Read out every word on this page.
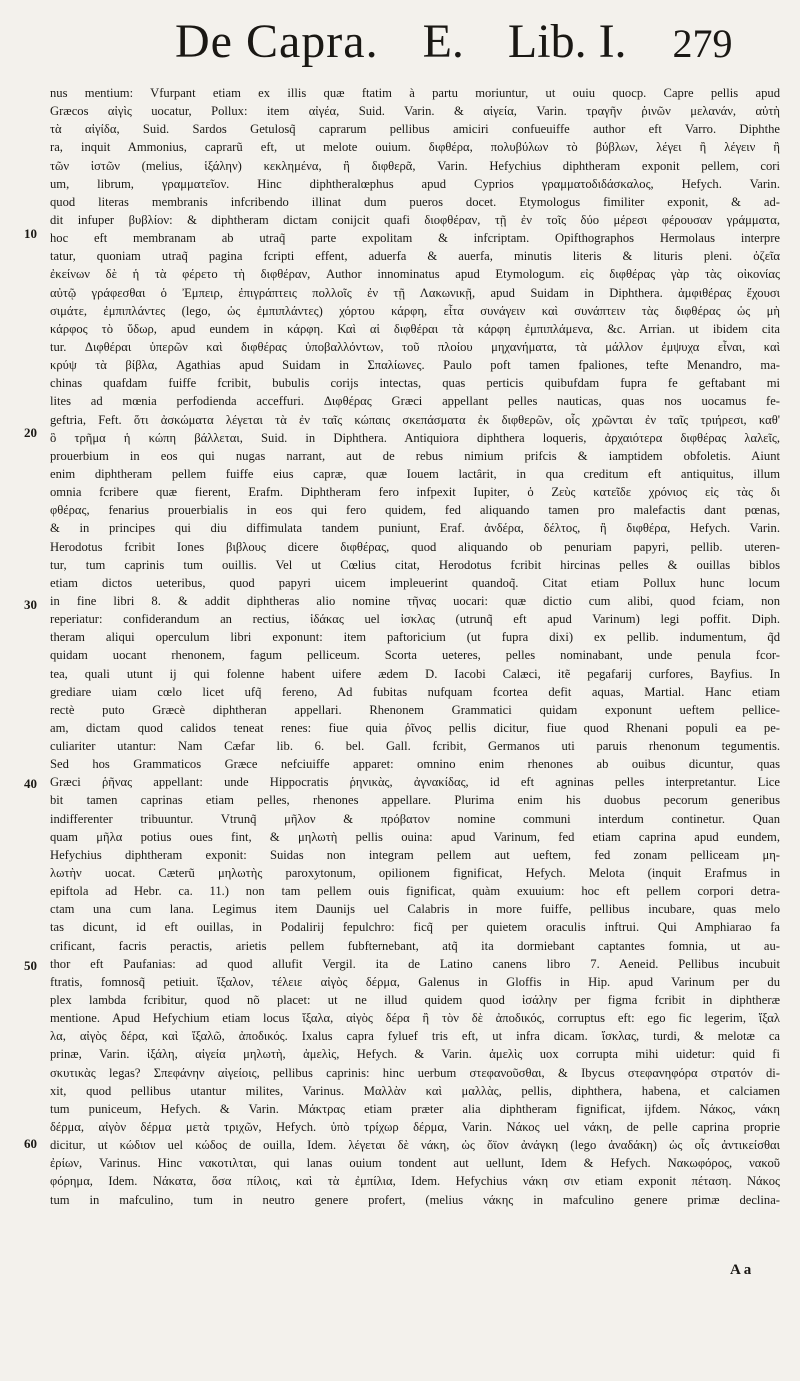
De Capra. E. Lib. I. 279
nus mentium: Vfurpant etiam ex illis quæ ftatim à partu moriuntur, ut ouiu quocp. Capre pellis apud
Græcos αἰγὶς uocatur, Pollux: item αἰγέα, Suid. Varin. & αἰγεία, Varin. τραγῆν ῥινῶν μελανάν, αὐτὴ
τὰ αἰγίδα, Suid. Sardos Getulosq̃ caprarum pellibus amiciri confueuiffe author eft Varro. Diphthe
ra, inquit Ammonius, caprarũ eft, ut melote ouium. διφθέρα, πολυβύλων τὸ βύβλων, λέγει ἢ λέγειν ἢ
τῶν ἱστῶν (melius, ἱξάλην) κεκλημένα, ἢ διφθερᾶ, Varin. Hefychius diphtheram exponit pellem, cori
um, librum, γραμματεῖον. Hinc diphtheralœphus apud Cyprios γραμματοδιδάσκαλος, Hefych. Varin.
quod literas membranis infcribendo illinat dum pueros docet. Etymologus fimiliter exponit, & ad-
dit infuper βυβλίον: & diphtheram dictam conijcit quafi διοφθέραν, τῇ ἐν τοῖς δύο μέρεσι φέρουσαν γράμματα,
hoc eft membranam ab utraq̃ parte expolitam & infcriptam. Opifthographos Hermolaus interpre
tatur, quoniam utraq̃ pagina fcripti effent, aduerfa & auerfa, minutis literis & lituris pleni. ὀζεῖα
ἐκείνων δὲ ἡ τὰ φέρετο τὴ διφθέραν, Author innominatus apud Etymologum. εἰς διφθέρας γὰρ τὰς οἰκονίας
αὐτῷ γράφεσθαι ὁ Ἐμπειρ, ἐπιγράπτεις πολλοῖς ἐν τῇ Λακωνικῇ, apud Suidam in Diphthera. ἀμφιθέρας ἔχουσι
σιμάτε, ἐμπιπλάντες (lego, ὡς ἐμπιπλάντες) χόρτου κάρφη, εἶτα συνάγειν καὶ συνάπτειν τὰς διφθέρας ὡς μὴ
κάρφος τὸ ὕδωρ, apud eundem in κάρφη. Καὶ αἱ διφθέραι τὰ κάρφη ἐμπιπλάμενα, &c. Arrian. ut ibidem cita
tur. Διφθέραι ὑπερῶν καὶ διφθέρας ὑποβαλλόντων, τοῦ πλοίου μηχανήματα, τὰ μάλλον ἐμψυχα εἶναι, καὶ
κρύψ τὰ βίβλα, Agathias apud Suidam in Σπαλίωνες. Paulo poft tamen fpaliones, tefte Menandro, ma-
chinas quafdam fuiffe fcribit, bubulis corijs intectas, quas perticis quibufdam fupra fe geftabant mi
lites ad mœnia perfodienda acceffuri. Διφθέρας Græci appellant pelles nauticas, quas nos uocamus fe-
geftria, Feft. ὅτι ἀσκώματα λέγεται τὰ ἐν ταῖς κώπαις σκεπάσματα ἐκ διφθερῶν, οἷς χρῶνται ἐν ταῖς τριήρεσι, καθ'
ὃ τρῆμα ἡ κώπη βάλλεται, Suid. in Diphthera. Antiquiora diphthera loqueris, ἀρχαιότερα διφθέρας λαλεῖς,
prouerbium in eos qui nugas narrant, aut de rebus nimium prifcis & iamptidem obfoletis. Aiunt
enim diphtheram pellem fuiffe eius capræ, quæ Iouem lactârit, in qua creditum eft antiquitus, illum
omnia fcribere quæ fierent, Erafm. Diphtheram fero infpexit Iupiter, ὁ Ζεὺς κατεῖδε χρόνιος εἰς τὰς δι
φθέρας, fenarius prouerbialis in eos qui fero quidem, fed aliquando tamen pro malefactis dant pœnas,
& in principes qui diu diffimulata tandem puniunt, Eraf. ἀνδέρα, δέλτος, ἢ διφθέρα, Hefych. Varin.
Herodotus fcribit Iones βιβλους dicere διφθέρας, quod aliquando ob penuriam papyri, pellib. uteren-
tur, tum caprinis tum ouillis. Vel ut Cœlius citat, Herodotus fcribit hircinas pelles & ouillas biblos
etiam dictos ueteribus, quod papyri uicem impleuerint quandoq̃. Citat etiam Pollux hunc locum
in fine libri 8. & addit diphtheras alio nomine τῆνας uocari: quæ dictio cum alibi, quod fciam, non
reperiatur: confiderandum an rectius, ἱδάκας uel ἰσκλας (utrunq̃ eft apud Varinum) legi poffit. Diph.
theram aliqui operculum libri exponunt: item paftoricium (ut fupra dixi) ex pellib. indumentum, q̃d
quidam uocant rhenonem, fagum pelliceum. Scorta ueteres, pelles nominabant, unde penula fcor-
tea, quali utunt ij qui folenne habent uifere ædem D. Iacobi Calæci, itẽ pegafarij curfores, Bayfius. In
grediare uiam cœlo licet ufq̃ fereno, Ad fubitas nufquam fcortea defit aquas, Martial. Hanc etiam
rectè puto Græcè diphtheran appellari. Rhenonem Grammatici quidam exponunt ueftem pellice-
am, dictam quod calidos teneat renes: fiue quia ῥῖνος pellis dicitur, fiue quod Rhenani populi ea pe-
culiariter utantur: Nam Cæfar lib. 6. bel. Gall. fcribit, Germanos uti paruis rhenonum tegumentis.
Sed hos Grammaticos Græce nefciuiffe apparet: omnino enim rhenones ab ouibus dicuntur, quas
Græci ῥῆνας appellant: unde Hippocratis ῥηνικὰς, ἀγνακίδας, id eft agninas pelles interpretantur. Lice
bit tamen caprinas etiam pelles, rhenones appellare. Plurima enim his duobus pecorum generibus
indifferenter tribuuntur. Vtrunq̃ μῆλον & πρόβατον nomine communi interdum continetur. Quan
quam μῆλα potius oues fint, & μηλωτὴ pellis ouina: apud Varinum, fed etiam caprina apud eundem,
Hefychius diphtheram exponit: Suidas non integram pellem aut ueftem, fed zonam pelliceam μη-
λωτὴν uocat. Cæterũ μηλωτὴς paroxytonum, opilionem fignificat, Hefych. Melota (inquit Erafmus in
epiftola ad Hebr. ca. 11.) non tam pellem ouis fignificat, quàm exuuium: hoc eft pellem corpori detra-
ctam una cum lana. Legimus item Daunijs uel Calabris in more fuiffe, pellibus incubare, quas melo
tas dicunt, id eft ouillas, in Podalirij fepulchro: ficq̃ per quietem oraculis inftrui. Qui Amphiarao fa
crificant, facris peractis, arietis pellem fubfternebant, atq̃ ita dormiebant captantes fomnia, ut au-
thor eft Paufanias: ad quod allufit Vergil. ita de Latino canens libro 7. Aeneid. Pellibus incubuit
ftratis, fomnosq̃ petiuit. ἴξαλον, τέλειε αἰγὸς δέρμα, Galenus in Gloffis in Hip. apud Varinum per du
plex lambda fcribitur, quod nõ placet: ut ne illud quidem quod ἰσάλην per figma fcribit in diphtheræ
mentione. Apud Hefychium etiam locus ἴξαλα, αἰγὸς δέρα ἢ τὸν δὲ ἀποδικός, corruptus eft: ego fic legerim, ἴξαλ
λα, αἰγὸς δέρα, καὶ ἴξαλῶ, ἀποδικός. Ixalus capra fyluef tris eft, ut infra dicam. ἴσκλας, turdi, & melotæ ca
prinæ, Varin. ἰξάλη, αἰγεία μηλωτὴ, ἀμελὶς, Hefych. & Varin. ἀμελὶς uox corrupta mihi uidetur: quid fi
σκυτικὰς legas? Σπεφάνην αἰγείοις, pellibus caprinis: hinc uerbum στεφανοῦσθαι, & Ibycus στεφανηφόρα στρατόν di-
xit, quod pellibus utantur milites, Varinus. Μαλλὰν καὶ μαλλὰς, pellis, diphthera, habena, et calciamen
tum puniceum, Hefych. & Varin. Μάκτρας etiam præter alia diphtheram fignificat, ijfdem. Νάκος, νάκη
δέρμα, αἰγὸν δέρμα μετὰ τριχῶν, Hefych. ὑπὸ τρίχωρ δέρμα, Varin. Νάκος uel νάκη, de pelle caprina proprie
dicitur, ut κώδιον uel κώδος de ouilla, Idem. λέγεται δὲ νάκη, ὡς ὄϊον ἀνάγκη (lego ἀναδάκη) ὡς οἷς ἀντικείσθαι
ἐρίων, Varinus. Hinc νακοτιλται, qui lanas ouium tondent aut uellunt, Idem & Hefych. Νακωφόρος, νακοῦ
φόρημα, Idem. Νάκατα, ὅσα πίλοις, καὶ τὰ ἐμπίλια, Idem. Hefychius νάκη σιν etiam exponit πέταση. Νάκος
tum in mafculino, tum in neutro genere profert, (melius νάκης in mafculino genere primæ declina-
10
20
30
40
50
60
A a
